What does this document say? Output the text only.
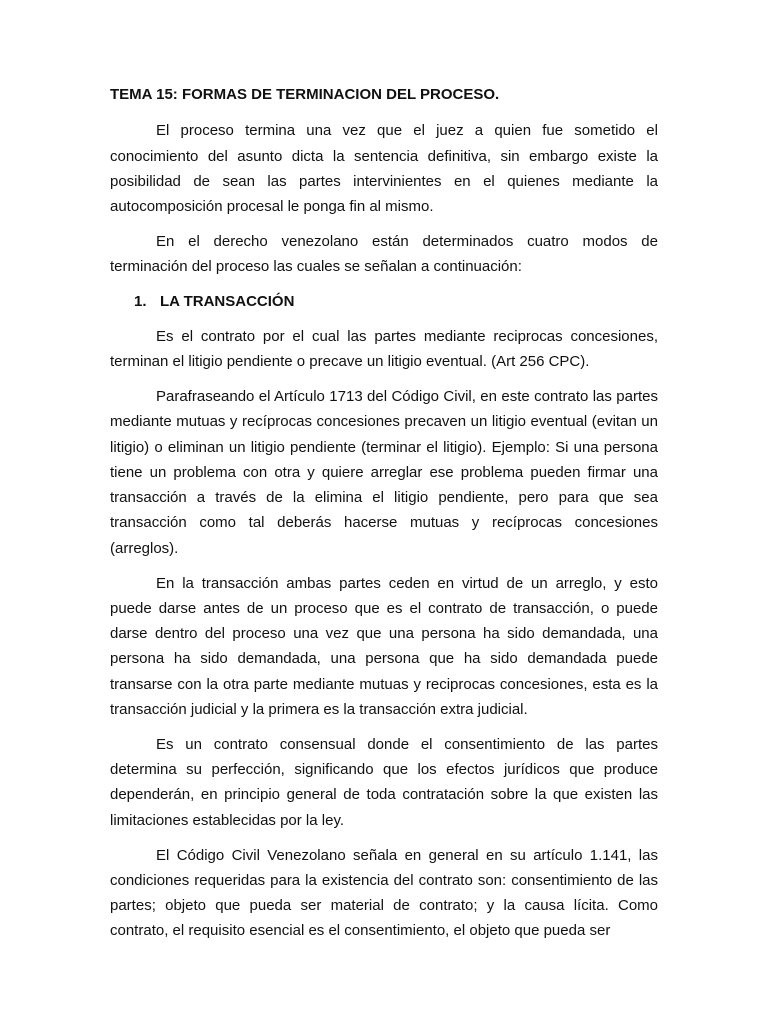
TEMA 15: FORMAS DE TERMINACION DEL PROCESO.

El proceso termina una vez que el juez a quien fue sometido el conocimiento del asunto dicta la sentencia definitiva, sin embargo existe la posibilidad de sean las partes intervinientes en el quienes mediante la autocomposición procesal le ponga fin al mismo.

En el derecho venezolano están determinados cuatro modos de terminación del proceso las cuales se señalan a continuación:

1. LA TRANSACCIÓN

Es el contrato por el cual las partes mediante reciprocas concesiones, terminan el litigio pendiente o precave un litigio eventual. (Art 256 CPC).

Parafraseando el Artículo 1713 del Código Civil, en este contrato las partes mediante mutuas y recíprocas concesiones precaven un litigio eventual (evitan un litigio) o eliminan un litigio pendiente (terminar el litigio). Ejemplo: Si una persona tiene un problema con otra y quiere arreglar ese problema pueden firmar una transacción a través de la elimina el litigio pendiente, pero para que sea transacción como tal deberás hacerse mutuas y recíprocas concesiones (arreglos).

En la transacción ambas partes ceden en virtud de un arreglo, y esto puede darse antes de un proceso que es el contrato de transacción, o puede darse dentro del proceso una vez que una persona ha sido demandada, una persona ha sido demandada, una persona que ha sido demandada puede transarse con la otra parte mediante mutuas y reciprocas concesiones, esta es la transacción judicial y la primera es la transacción extra judicial.

Es un contrato consensual donde el consentimiento de las partes determina su perfección, significando que los efectos jurídicos que produce dependerán, en principio general de toda contratación sobre la que existen las limitaciones establecidas por la ley.

El Código Civil Venezolano señala en general en su artículo 1.141, las condiciones requeridas para la existencia del contrato son: consentimiento de las partes; objeto que pueda ser material de contrato; y la causa lícita. Como contrato, el requisito esencial es el consentimiento, el objeto que pueda ser
